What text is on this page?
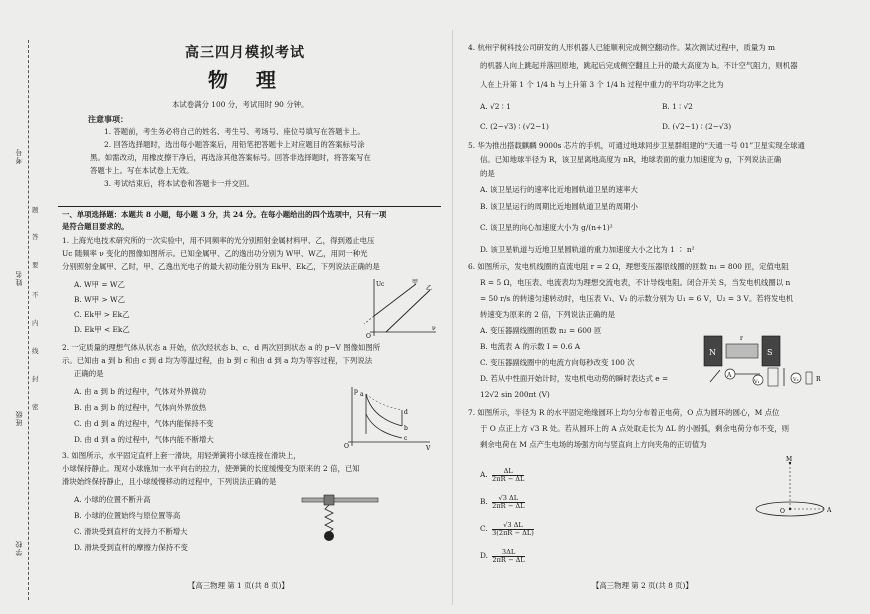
考号
姓名
班级
学校
题
答
要
不
内
线
封
密
高三四月模拟考试
物    理
本试卷满分 100 分，考试用时 90 分钟。
注意事项：
1. 答题前，考生务必将自己的姓名、考生号、考场号、座位号填写在答题卡上。
2. 回答选择题时，选出每小题答案后，用铅笔把答题卡上对应题目的答案标号涂
黑。如需改动，用橡皮擦干净后，再选涂其他答案标号。回答非选择题时，将答案写在
答题卡上。写在本试卷上无效。
3. 考试结束后，将本试卷和答题卡一并交回。
一、单项选择题：本题共 8 小题，每小题 3 分，共 24 分。在每小题给出的四个选项中，只有一项
是符合题目要求的。
1. 上海光电技术研究所的一次实验中，用不同频率的光分别照射金属材料甲、乙，得到遏止电压
Uc 随频率 ν 变化的图像如图所示。已知金属甲、乙的逸出功分别为 W甲、W乙，用同一种光
分别照射金属甲、乙时，甲、乙逸出光电子的最大初动能分别为 Ek甲、Ek乙，下列说法正确的是
A. W甲 = W乙
B. W甲 > W乙
C. Ek甲 > Ek乙
D. Ek甲 < Ek乙
Uc
ν
O
甲
乙
2. 一定质量的理想气体从状态 a 开始，依次经状态 b、c、d 两次回到状态 a 的 p−V 图像如图所
示。已知由 a 到 b 和由 c 到 d 均为等温过程，由 b 到 c 和由 d 到 a 均为等容过程，下列说法
正确的是
A. 由 a 到 b 的过程中，气体对外界做功
B. 由 a 到 b 的过程中，气体向外界放热
C. 由 d 到 a 的过程中，气体内能保持不变
D. 由 d 到 a 的过程中，气体内能不断增大
p
V
O
a
d
b
c
3. 如图所示，水平固定直杆上套一滑块，用轻弹簧将小球连接在滑块上，
小球保持静止。现对小球施加一水平向右的拉力，使弹簧的长度缓慢变为原来的 2 倍，已知
滑块始终保持静止，且小球缓慢移动的过程中，下列说法正确的是
A. 小球的位置不断升高
B. 小球的位置始终与原位置等高
C. 滑块受到直杆的支持力不断增大
D. 滑块受到直杆的摩擦力保持不变
【高三物理 第 1 页(共 8 页)】
4. 杭州宇树科技公司研发的人形机器人已能顺利完成侧空翻动作。某次测试过程中，质量为 m
的机器人向上跳起并落回原地，跳起后完成侧空翻且上升的最大高度为 h。不计空气阻力，则机器
人在上升第 1 个 1/4 h 与上升第 3 个 1/4 h 过程中重力的平均功率之比为
A. √2 ∶ 1	B. 1 ∶ √2
C. (2−√3) ∶ (√2−1)	D. (√2−1) ∶ (2−√3)
5. 华为推出搭载麒麟 9000s 芯片的手机，可通过地球同步卫星群组建的“天通一号 01”卫星实现全球通
信。已知地球半径为 R，该卫星离地高度为 nR，地球表面的重力加速度为 g，下列说法正确
的是
A. 该卫星运行的速率比近地圆轨道卫星的速率大
B. 该卫星运行的周期比近地圆轨道卫星的周期小
C. 该卫星的向心加速度大小为 g/(n+1)²
D. 该卫星轨道与近地卫星圆轨道的重力加速度大小之比为 1 ∶ n²
6. 如图所示，发电机线圈的直流电阻 r = 2 Ω，理想变压器原线圈的匝数 n₁ = 800 匝，定值电阻
R = 5 Ω，电压表、电流表均为理想交流电表，不计导线电阻。闭合开关 S，当发电机线圈以 n
= 50 r/s 的转速匀速转动时，电压表 V₁、V₂ 的示数分别为 U₁ = 6 V，U₂ = 3 V。若将发电机
转速变为原来的 2 倍，下列说法正确的是
A. 变压器副线圈的匝数 n₂ = 600 匝
B. 电流表 A 的示数 I = 0.6 A
C. 变压器副线圈中的电流方向每秒改变 100 次
D. 若从中性面开始计时，发电机电动势的瞬时表达式 e =
12√2 sin 200πt (V)
N	S
r
A
V₁	V₂	R
7. 如图所示，半径为 R 的水平固定绝缘圆环上均匀分布着正电荷，O 点为圆环的圆心，M 点位
于 O 点正上方 √3 R 处。若从圆环上的 A 点处取走长为 ΔL 的小圆弧，剩余电荷分布不变，则
剩余电荷在 M 点产生电场的场强方向与竖直向上方向夹角的正切值为
A. $\frac{\Delta L}{2\pi R - \Delta L}$
B. $\frac{√3 \Delta L}{2\pi R - \Delta L}$
C. $\frac{√3 \Delta L}{3(2\pi R - \Delta L)}$
D. $\frac{3\Delta L}{2\pi R - \Delta L}$
M
O	A
【高三物理 第 2 页(共 8 页)】
